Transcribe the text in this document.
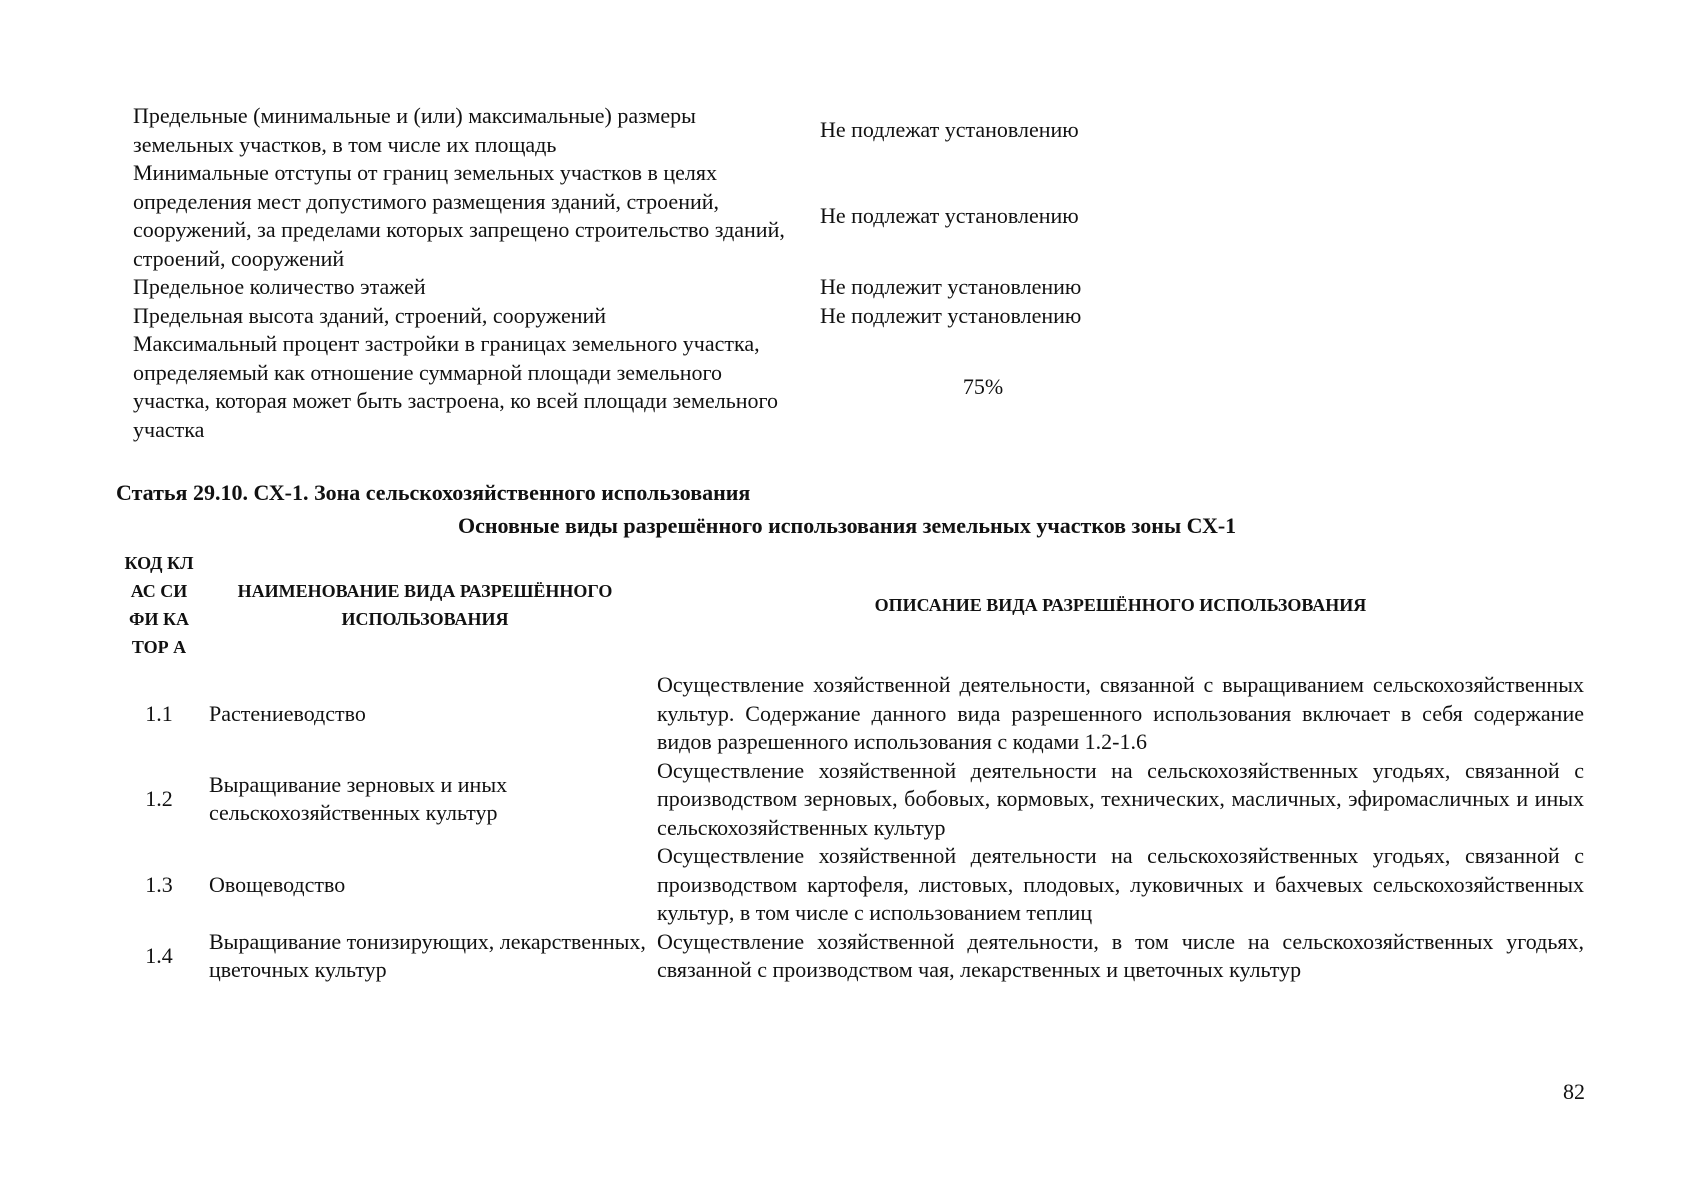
Предельные (минимальные и (или) максимальные) размеры земельных участков, в том числе их площадь	Не подлежат установлению
Минимальные отступы от границ земельных участков в целях определения мест допустимого размещения зданий, строений, сооружений, за пределами которых запрещено строительство зданий, строений, сооружений	Не подлежат установлению
Предельное количество этажей	Не подлежит установлению
Предельная высота зданий, строений, сооружений	Не подлежит установлению
Максимальный процент застройки в границах земельного участка, определяемый как отношение суммарной площади земельного участка, которая может быть застроена, ко всей площади земельного участка	75%
Статья 29.10. СХ-1. Зона сельскохозяйственного использования
Основные виды разрешённого использования земельных участков зоны СХ-1
КОД КЛАС СИФИ КАТОР А	НАИМЕНОВАНИЕ ВИДА РАЗРЕШЁННОГО ИСПОЛЬЗОВАНИЯ	ОПИСАНИЕ ВИДА РАЗРЕШЁННОГО ИСПОЛЬЗОВАНИЯ
1.1	Растениеводство	Осуществление хозяйственной деятельности, связанной с выращиванием сельскохозяйственных культур. Содержание данного вида разрешенного использования включает в себя содержание видов разрешенного использования с кодами 1.2-1.6
1.2	Выращивание зерновых и иных сельскохозяйственных культур	Осуществление хозяйственной деятельности на сельскохозяйственных угодьях, связанной с производством зерновых, бобовых, кормовых, технических, масличных, эфиромасличных и иных сельскохозяйственных культур
1.3	Овощеводство	Осуществление хозяйственной деятельности на сельскохозяйственных угодьях, связанной с производством картофеля, листовых, плодовых, луковичных и бахчевых сельскохозяйственных культур, в том числе с использованием теплиц
1.4	Выращивание тонизирующих, лекарственных, цветочных культур	Осуществление хозяйственной деятельности, в том числе на сельскохозяйственных угодьях, связанной с производством чая, лекарственных и цветочных культур
82
